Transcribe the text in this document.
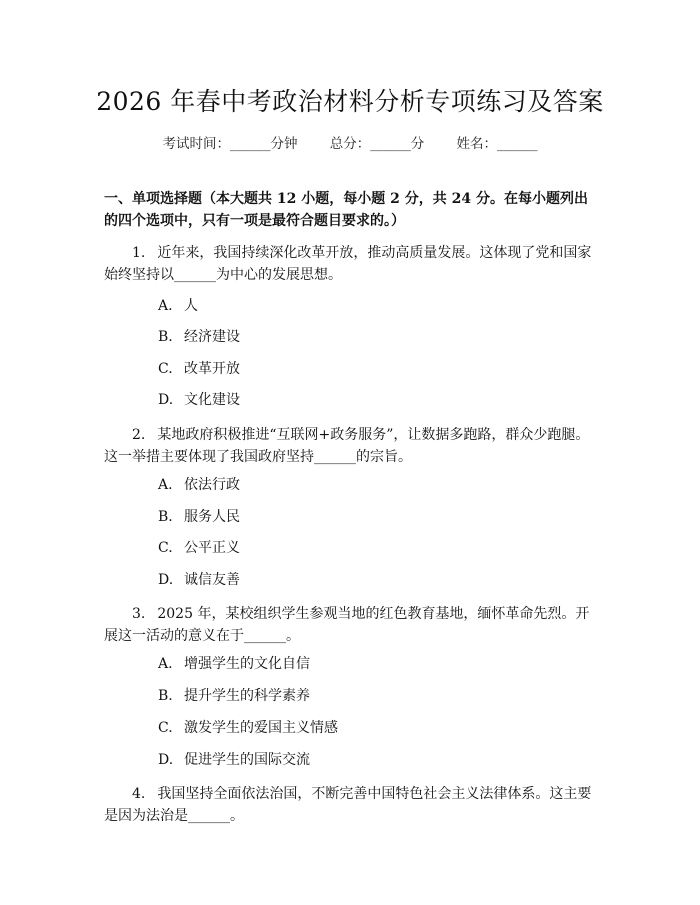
2026 年春中考政治材料分析专项练习及答案
考试时间：______分钟 总分：______分 姓名：______
一、单项选择题（本大题共 12 小题，每小题 2 分，共 24 分。在每小题列出的四个选项中，只有一项是最符合题目要求的。）
1. 近年来，我国持续深化改革开放，推动高质量发展。这体现了党和国家始终坚持以______为中心的发展思想。
A. 人
B. 经济建设
C. 改革开放
D. 文化建设
2. 某地政府积极推进“互联网+政务服务”，让数据多跑路，群众少跑腿。这一举措主要体现了我国政府坚持______的宗旨。
A. 依法行政
B. 服务人民
C. 公平正义
D. 诚信友善
3. 2025 年，某校组织学生参观当地的红色教育基地，缅怀革命先烈。开展这一活动的意义在于______。
A. 增强学生的文化自信
B. 提升学生的科学素养
C. 激发学生的爱国主义情感
D. 促进学生的国际交流
4. 我国坚持全面依法治国，不断完善中国特色社会主义法律体系。这主要是因为法治是______。
